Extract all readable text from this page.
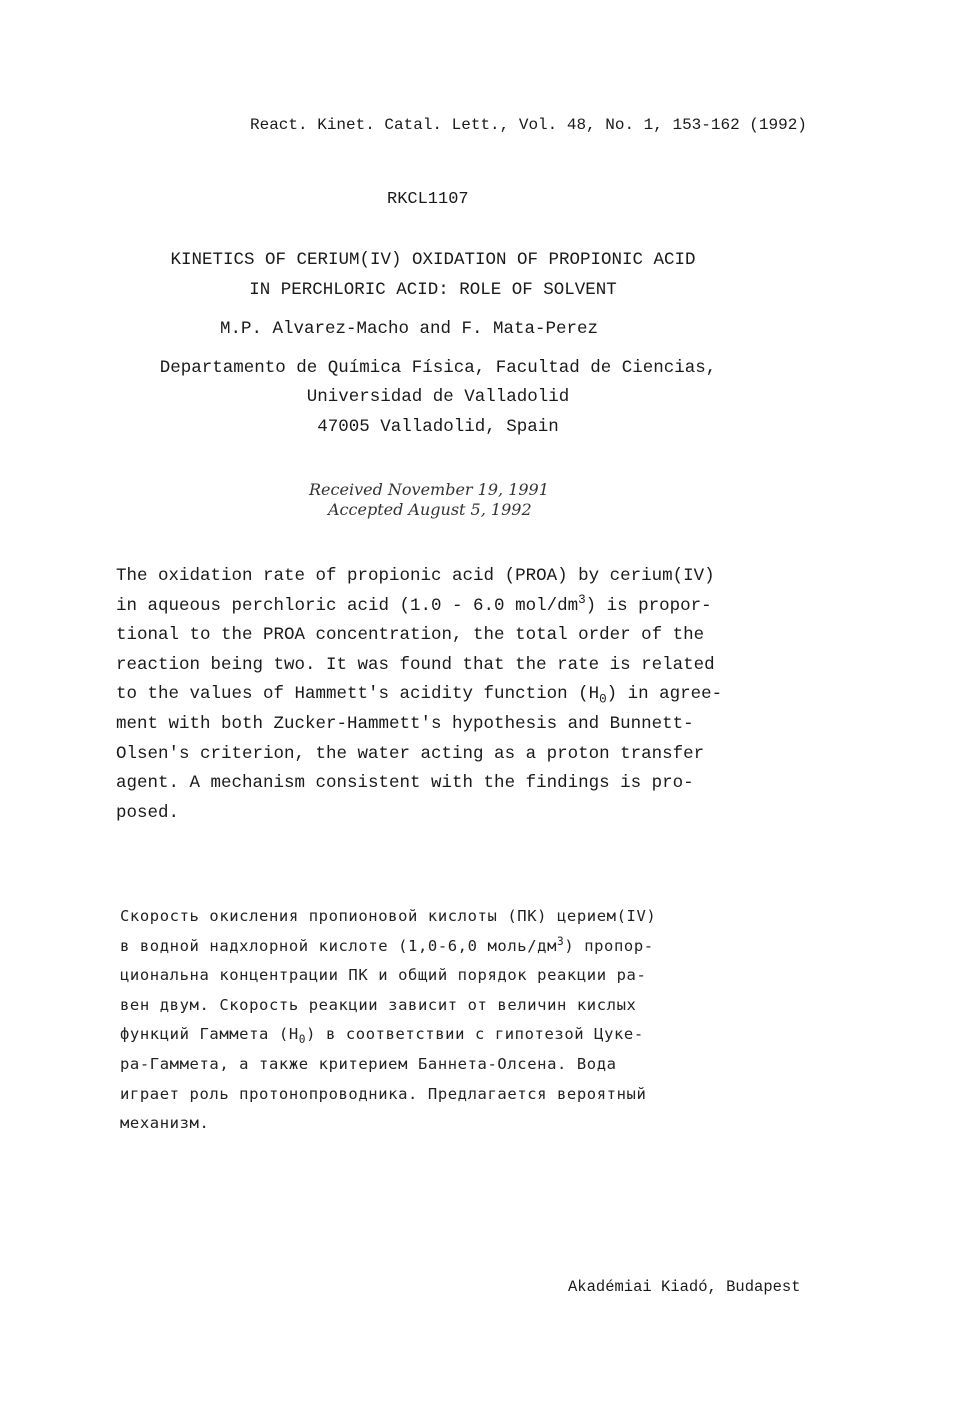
React. Kinet. Catal. Lett., Vol. 48, No. 1, 153-162 (1992)
RKCL1107
KINETICS OF CERIUM(IV) OXIDATION OF PROPIONIC ACID
IN PERCHLORIC ACID: ROLE OF SOLVENT
M.P. Alvarez-Macho and F. Mata-Perez
Departamento de Química Física, Facultad de Ciencias,
Universidad de Valladolid
47005 Valladolid, Spain
Received November 19, 1991
Accepted August 5, 1992
The oxidation rate of propionic acid (PROA) by cerium(IV)
in aqueous perchloric acid (1.0 - 6.0 mol/$dm^3$) is propor-
tional to the PROA concentration, the total order of the
reaction being two. It was found that the rate is related
to the values of Hammett's acidity function $(H_0)$ in agree-
ment with both Zucker-Hammett's hypothesis and Bunnett-
Olsen's criterion, the water acting as a proton transfer
agent. A mechanism consistent with the findings is pro-
posed.
Скорость окисления пропионовой кислоты (ПК) церием(IV)
в водной надхлорной кислоте (1,0-6,0 моль/$дм^3$) пропор-
циональна концентрации ПК и общий порядок реакции ра-
вен двум. Скорость реакции зависит от величин кислых
функций Гаммета $(H_0)$ в соответствии с гипотезой Цуке-
ра-Гаммета, а также критерием Баннета-Олсена. Вода
играет роль протонопроводника. Предлагается вероятный
механизм.
Akadémiai Kiadó, Budapest
